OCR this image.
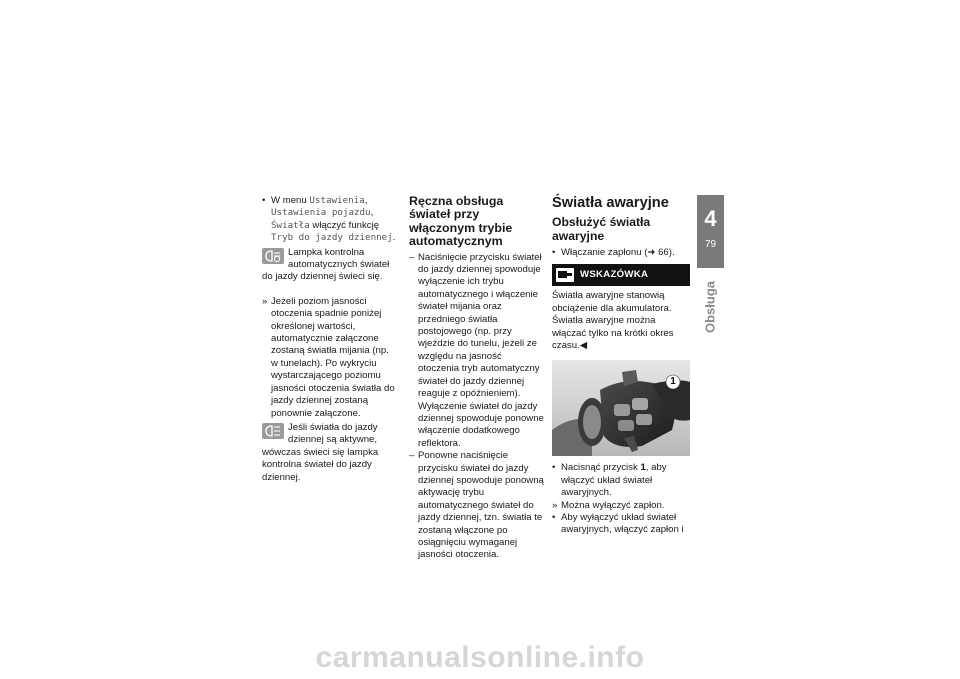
• W menu Ustawienia, Ustawienia pojazdu, Światła włączyć funkcję Tryb do jazdy dziennej.

Lampka kontrolna automatycznych świateł do jazdy dziennej świeci się.

» Jeżeli poziom jasności otoczenia spadnie poniżej określonej wartości, automatycznie załączone zostaną światła mijania (np. w tunelach). Po wykryciu wystarczającego poziomu jasności otoczenia światła do jazdy dziennej zostaną ponownie załączone.

Jeśli światła do jazdy dziennej są aktywne, wówczas świeci się lampka kontrolna świateł do jazdy dziennej.
Ręczna obsługa świateł przy włączonym trybie automatycznym

– Naciśnięcie przycisku świateł do jazdy dziennej spowoduje wyłączenie ich trybu automatycznego i włączenie świateł mijania oraz przedniego światła postojowego (np. przy wjeździe do tunelu, jeżeli ze względu na jasność otoczenia tryb automatyczny świateł do jazdy dziennej reaguje z opóźnieniem). Wyłączenie świateł do jazdy dziennej spowoduje ponowne włączenie dodatkowego reflektora.

– Ponowne naciśnięcie przycisku świateł do jazdy dziennej spowoduje ponowną aktywację trybu automatycznego świateł do jazdy dziennej, tzn. światła te zostaną włączone po osiągnięciu wymaganej jasności otoczenia.

Światła awaryjne
Obsłużyć światła awaryjne

• Włączanie zapłonu (➜ 66).

WSKAZÓWKA

Światła awaryjne stanowią obciążenie dla akumulatora. Światła awaryjne można włączać tylko na krótki okres czasu.◀

1

• Nacisnąć przycisk 1, aby włączyć układ świateł awaryjnych.

» Można wyłączyć zapłon.

• Aby wyłączyć układ świateł awaryjnych, włączyć zapłon i

4
79
Obsługa
carmanualsonline.info
